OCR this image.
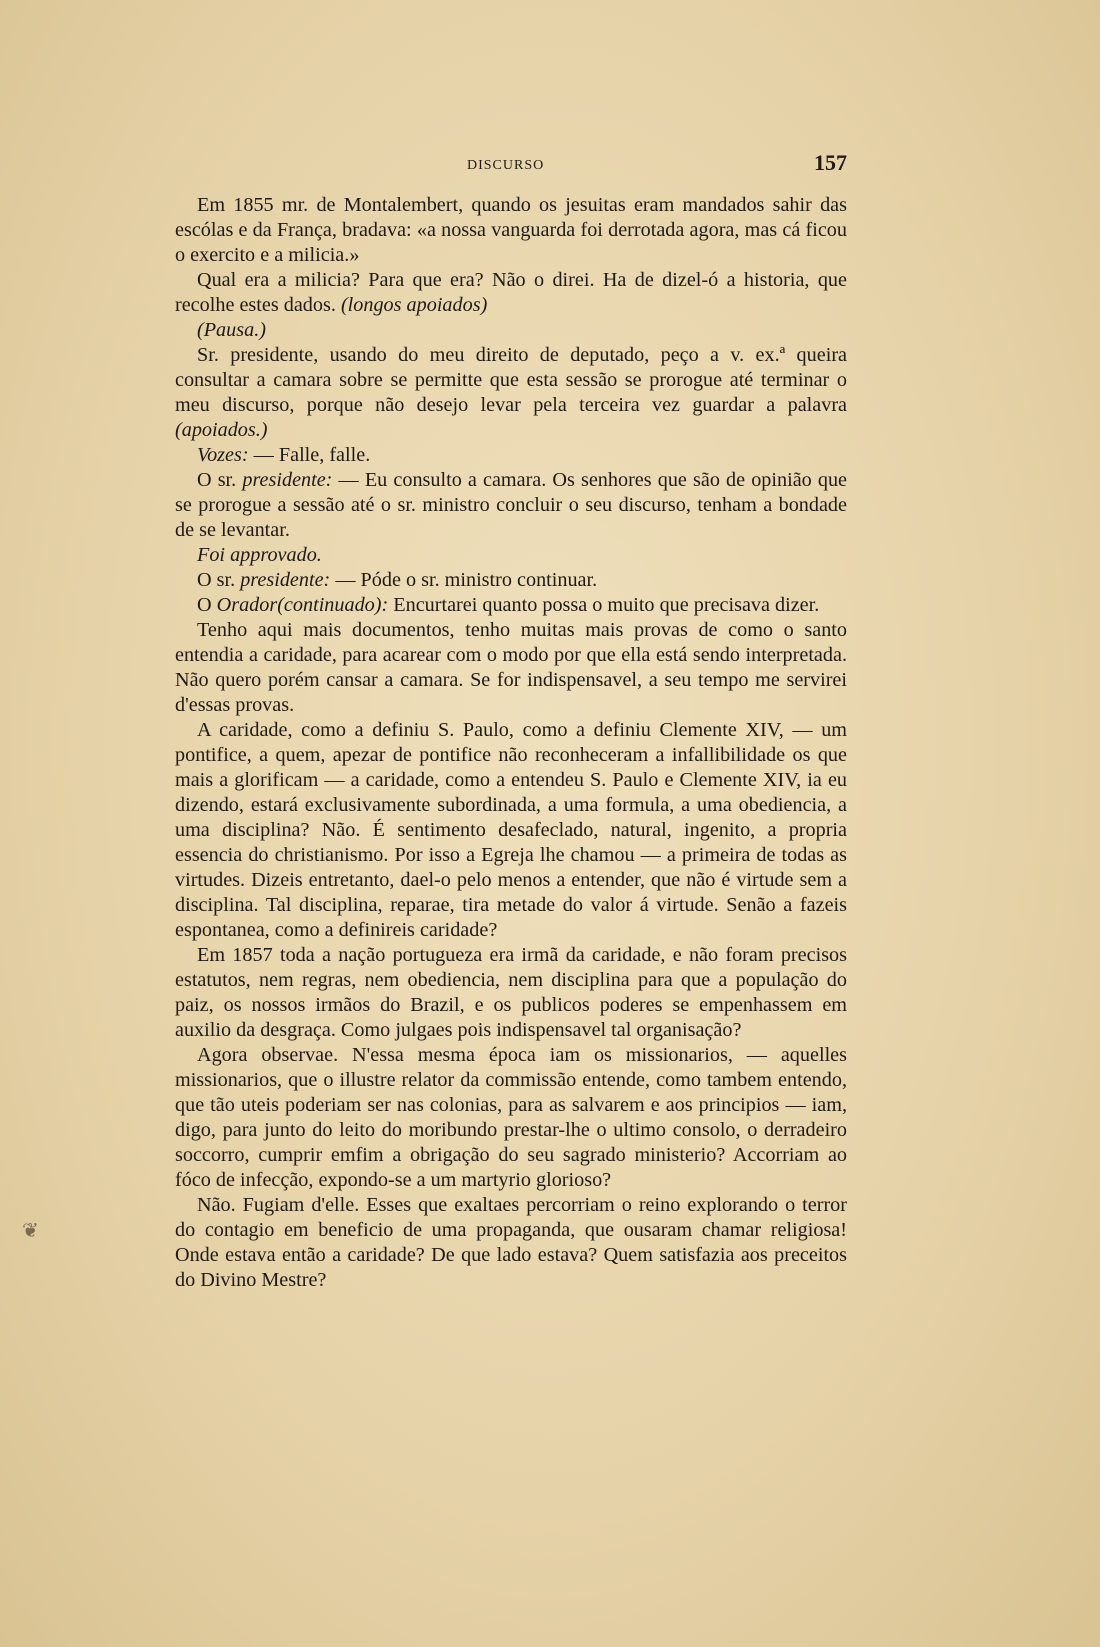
DISCURSO	157

Em 1855 mr. de Montalembert, quando os jesuitas eram mandados sahir das escólas e da França, bradava: «a nossa vanguarda foi derrotada agora, mas cá ficou o exercito e a milicia.»

Qual era a milicia? Para que era? Não o direi. Ha de dizel-ó a historia, que recolhe estes dados. (longos apoiados)

(Pausa.)

Sr. presidente, usando do meu direito de deputado, peço a v. ex.ª queira consultar a camara sobre se permitte que esta sessão se prorogue até terminar o meu discurso, porque não desejo levar pela terceira vez guardar a palavra (apoiados.)

Vozes: — Falle, falle.

O sr. presidente: — Eu consulto a camara. Os senhores que são de opinião que se prorogue a sessão até o sr. ministro concluir o seu discurso, tenham a bondade de se levantar.

Foi approvado.

O sr. presidente: — Póde o sr. ministro continuar.

O Orador(continuado): Encurtarei quanto possa o muito que precisava dizer.

Tenho aqui mais documentos, tenho muitas mais provas de como o santo entendia a caridade, para acarear com o modo por que ella está sendo interpretada. Não quero porém cansar a camara. Se for indispensavel, a seu tempo me servirei d'essas provas.

A caridade, como a definiu S. Paulo, como a definiu Clemente XIV, — um pontifice, a quem, apezar de pontifice não reconheceram a infallibilidade os que mais a glorificam — a caridade, como a entendeu S. Paulo e Clemente XIV, ia eu dizendo, estará exclusivamente subordinada, a uma formula, a uma obediencia, a uma disciplina? Não. É sentimento desafeclado, natural, ingenito, a propria essencia do christianismo. Por isso a Egreja lhe chamou — a primeira de todas as virtudes. Dizeis entretanto, dael-o pelo menos a entender, que não é virtude sem a disciplina. Tal disciplina, reparae, tira metade do valor á virtude. Senão a fazeis espontanea, como a definireis caridade?

Em 1857 toda a nação portugueza era irmã da caridade, e não foram precisos estatutos, nem regras, nem obediencia, nem disciplina para que a população do paiz, os nossos irmãos do Brazil, e os publicos poderes se empenhassem em auxilio da desgraça. Como julgaes pois indispensavel tal organisação?

Agora observae. N'essa mesma época iam os missionarios, — aquelles missionarios, que o illustre relator da commissão entende, como tambem entendo, que tão uteis poderiam ser nas colonias, para as salvarem e aos principios — iam, digo, para junto do leito do moribundo prestar-lhe o ultimo consolo, o derradeiro soccorro, cumprir emfim a obrigação do seu sagrado ministerio? Accorriam ao fóco de infecção, expondo-se a um martyrio glorioso?

Não. Fugiam d'elle. Esses que exaltaes percorriam o reino explorando o terror do contagio em beneficio de uma propaganda, que ousaram chamar religiosa! Onde estava então a caridade? De que lado estava? Quem satisfazia aos preceitos do Divino Mestre?

❦
